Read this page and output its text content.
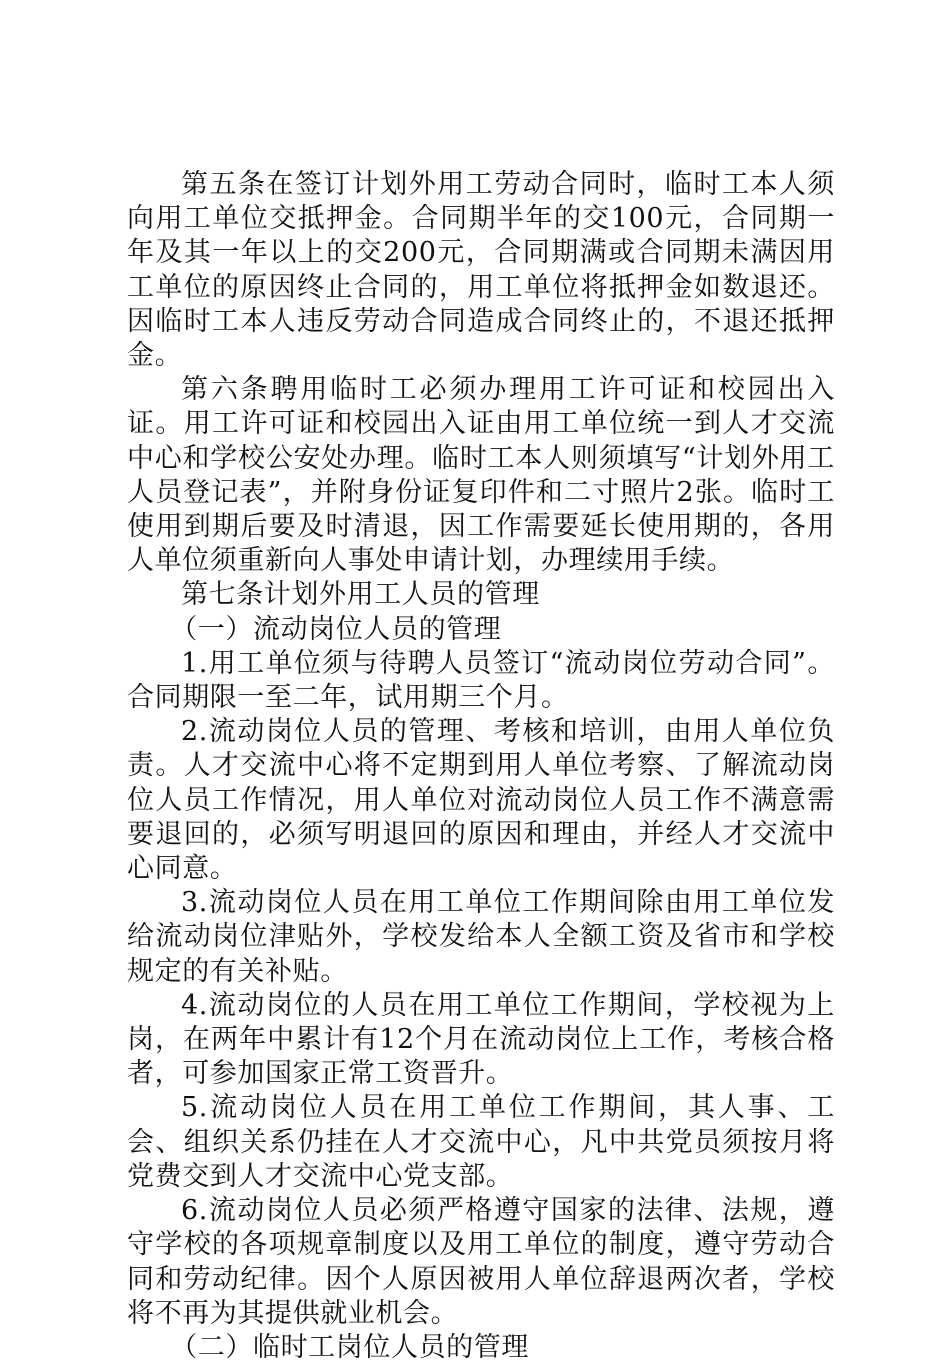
第五条在签订计划外用工劳动合同时，临时工本人须向用工单位交抵押金。合同期半年的交100元，合同期一年及其一年以上的交200元，合同期满或合同期未满因用工单位的原因终止合同的，用工单位将抵押金如数退还。因临时工本人违反劳动合同造成合同终止的，不退还抵押金。

第六条聘用临时工必须办理用工许可证和校园出入证。用工许可证和校园出入证由用工单位统一到人才交流中心和学校公安处办理。临时工本人则须填写“计划外用工人员登记表”，并附身份证复印件和二寸照片2张。临时工使用到期后要及时清退，因工作需要延长使用期的，各用人单位须重新向人事处申请计划，办理续用手续。

第七条计划外用工人员的管理

（一）流动岗位人员的管理

1.用工单位须与待聘人员签订“流动岗位劳动合同”。合同期限一至二年，试用期三个月。

2.流动岗位人员的管理、考核和培训，由用人单位负责。人才交流中心将不定期到用人单位考察、了解流动岗位人员工作情况，用人单位对流动岗位人员工作不满意需要退回的，必须写明退回的原因和理由，并经人才交流中心同意。

3.流动岗位人员在用工单位工作期间除由用工单位发给流动岗位津贴外，学校发给本人全额工资及省市和学校规定的有关补贴。

4.流动岗位的人员在用工单位工作期间，学校视为上岗，在两年中累计有12个月在流动岗位上工作，考核合格者，可参加国家正常工资晋升。

5.流动岗位人员在用工单位工作期间，其人事、工会、组织关系仍挂在人才交流中心，凡中共党员须按月将党费交到人才交流中心党支部。

6.流动岗位人员必须严格遵守国家的法律、法规，遵守学校的各项规章制度以及用工单位的制度，遵守劳动合同和劳动纪律。因个人原因被用人单位辞退两次者，学校将不再为其提供就业机会。

（二）临时工岗位人员的管理
